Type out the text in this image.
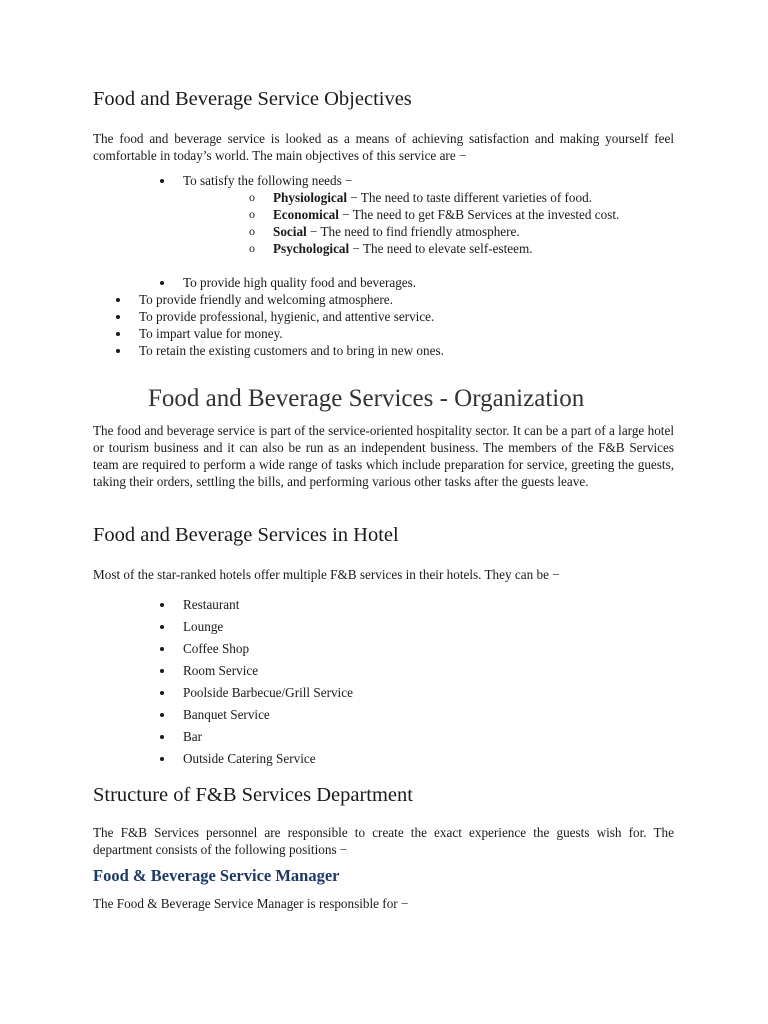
Food and Beverage Service Objectives

The food and beverage service is looked as a means of achieving satisfaction and making yourself feel comfortable in today’s world. The main objectives of this service are −

To satisfy the following needs −
o Physiological − The need to taste different varieties of food.
o Economical − The need to get F&B Services at the invested cost.
o Social − The need to find friendly atmosphere.
o Psychological − The need to elevate self-esteem.
To provide high quality food and beverages.
To provide friendly and welcoming atmosphere.
To provide professional, hygienic, and attentive service.
To impart value for money.
To retain the existing customers and to bring in new ones.
Food and Beverage Services - Organization

The food and beverage service is part of the service-oriented hospitality sector. It can be a part of a large hotel or tourism business and it can also be run as an independent business. The members of the F&B Services team are required to perform a wide range of tasks which include preparation for service, greeting the guests, taking their orders, settling the bills, and performing various other tasks after the guests leave.

Food and Beverage Services in Hotel

Most of the star-ranked hotels offer multiple F&B services in their hotels. They can be −

Restaurant
Lounge
Coffee Shop
Room Service
Poolside Barbecue/Grill Service
Banquet Service
Bar
Outside Catering Service
Structure of F&B Services Department

The F&B Services personnel are responsible to create the exact experience the guests wish for. The department consists of the following positions −

Food & Beverage Service Manager

The Food & Beverage Service Manager is responsible for −
